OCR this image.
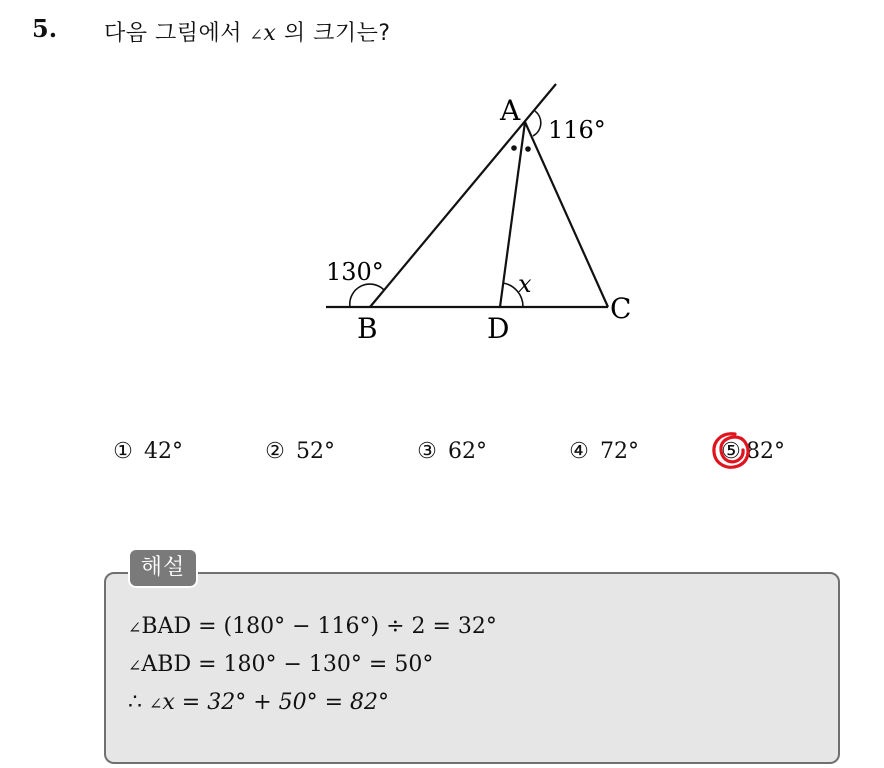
5. 다음 그림에서 ∠x 의 크기는?
A
B
C
D
116°
130°	x
① 42°	② 52°	③ 62°	④ 72°	⑤ 82°
해설
∠BAD = (180° − 116°) ÷ 2 = 32°
∠ABD = 180° − 130° = 50°
∴ ∠x = 32° + 50° = 82°
